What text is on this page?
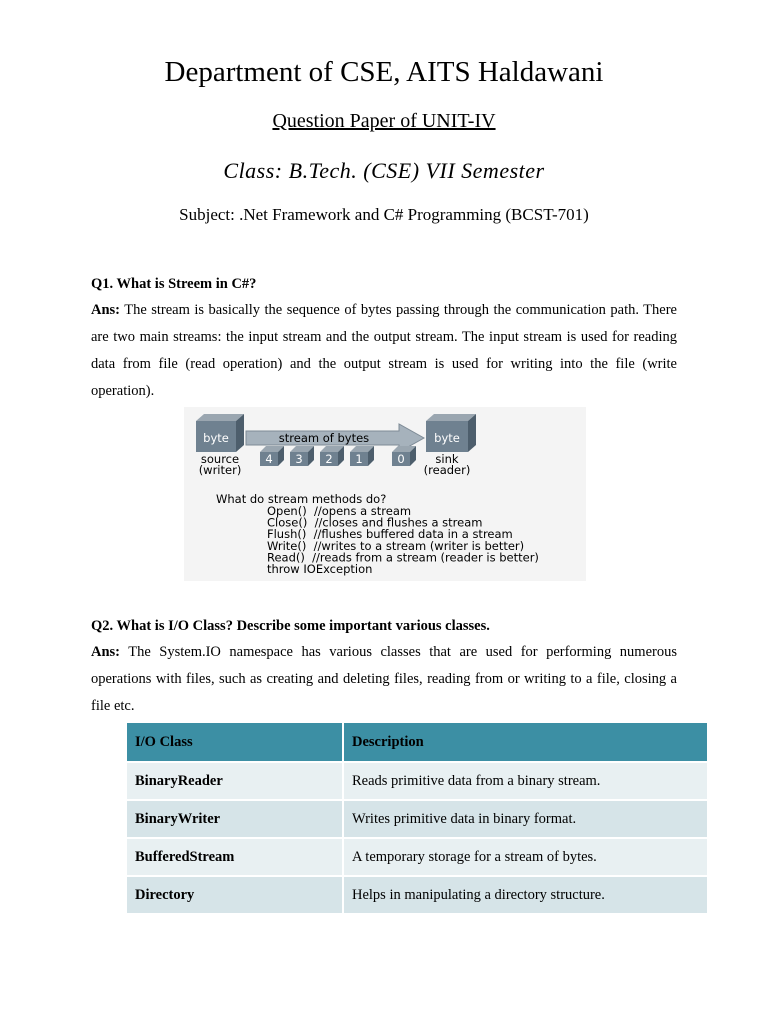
Department of CSE, AITS Haldawani
Question Paper of UNIT-IV
Class: B.Tech. (CSE) VII Semester
Subject: .Net Framework and C# Programming (BCST-701)
Q1. What is Streem in C#?
Ans: The stream is basically the sequence of bytes passing through the communication path. There are two main streams: the input stream and the output stream. The input stream is used for reading data from file (read operation) and the output stream is used for writing into the file (write operation).
byte	stream of bytes	byte
source
(writer)
sink
(reader)
4 3 2 1	0
What do stream methods do?
Open()  //opens a stream
Close()  //closes and flushes a stream
Flush()  //flushes buffered data in a stream
Write()  //writes to a stream (writer is better)
Read()  //reads from a stream (reader is better)
throw IOException
Q2. What is I/O Class? Describe some important various classes.
Ans: The System.IO namespace has various classes that are used for performing numerous operations with files, such as creating and deleting files, reading from or writing to a file, closing a file etc.
I/O Class	Description
BinaryReader	Reads primitive data from a binary stream.
BinaryWriter	Writes primitive data in binary format.
BufferedStream	A temporary storage for a stream of bytes.
Directory	Helps in manipulating a directory structure.
